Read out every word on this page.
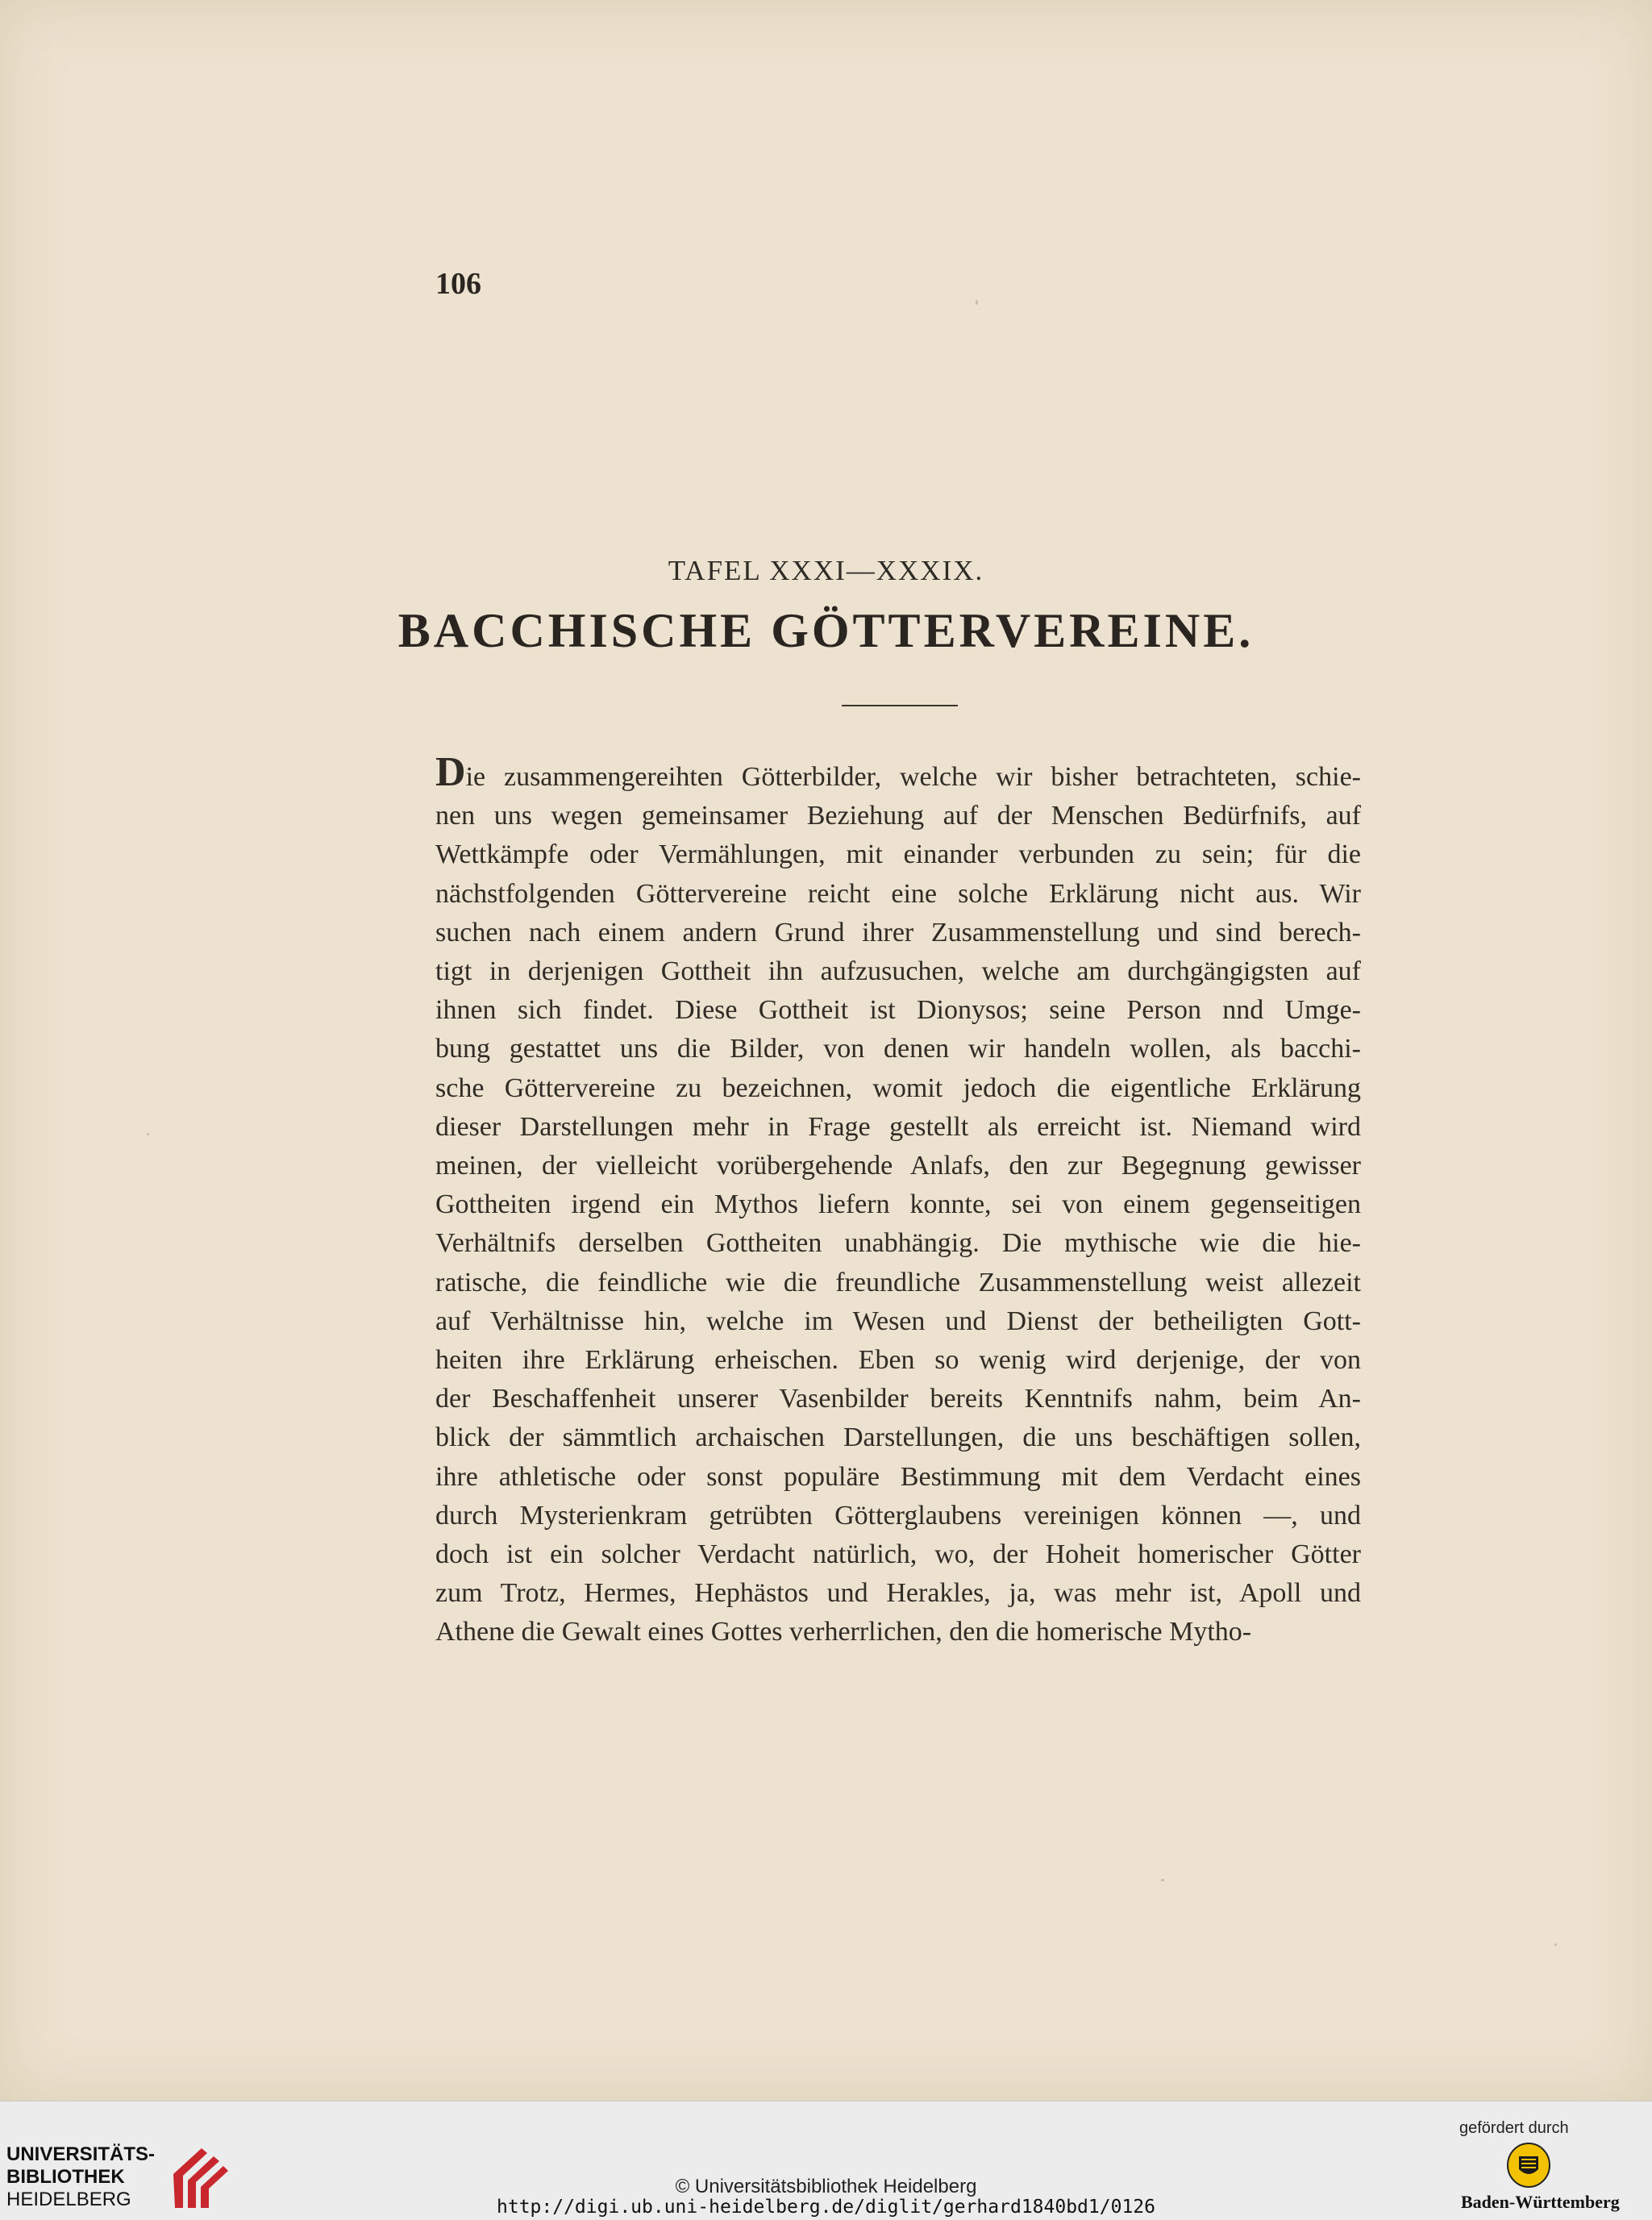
106
TAFEL XXXI—XXXIX.
BACCHISCHE GÖTTERVEREINE.
Die zusammengereihten Götterbilder, welche wir bisher betrachteten, schie-
nen uns wegen gemeinsamer Beziehung auf der Menschen Bedürfnifs, auf
Wettkämpfe oder Vermählungen, mit einander verbunden zu sein; für die
nächstfolgenden Göttervereine reicht eine solche Erklärung nicht aus. Wir
suchen nach einem andern Grund ihrer Zusammenstellung und sind berech-
tigt in derjenigen Gottheit ihn aufzusuchen, welche am durchgängigsten auf
ihnen sich findet. Diese Gottheit ist Dionysos; seine Person nnd Umge-
bung gestattet uns die Bilder, von denen wir handeln wollen, als bacchi-
sche Göttervereine zu bezeichnen, womit jedoch die eigentliche Erklärung
dieser Darstellungen mehr in Frage gestellt als erreicht ist. Niemand wird
meinen, der vielleicht vorübergehende Anlafs, den zur Begegnung gewisser
Gottheiten irgend ein Mythos liefern konnte, sei von einem gegenseitigen
Verhältnifs derselben Gottheiten unabhängig. Die mythische wie die hie-
ratische, die feindliche wie die freundliche Zusammenstellung weist allezeit
auf Verhältnisse hin, welche im Wesen und Dienst der betheiligten Gott-
heiten ihre Erklärung erheischen. Eben so wenig wird derjenige, der von
der Beschaffenheit unserer Vasenbilder bereits Kenntnifs nahm, beim An-
blick der sämmtlich archaischen Darstellungen, die uns beschäftigen sollen,
ihre athletische oder sonst populäre Bestimmung mit dem Verdacht eines
durch Mysterienkram getrübten Götterglaubens vereinigen können —, und
doch ist ein solcher Verdacht natürlich, wo, der Hoheit homerischer Götter
zum Trotz, Hermes, Hephästos und Herakles, ja, was mehr ist, Apoll und
Athene die Gewalt eines Gottes verherrlichen, den die homerische Mytho-
UNIVERSITÄTS-
BIBLIOTHEK
HEIDELBERG
© Universitätsbibliothek Heidelberg
http://digi.ub.uni-heidelberg.de/diglit/gerhard1840bd1/0126
gefördert durch
Baden-Württemberg
